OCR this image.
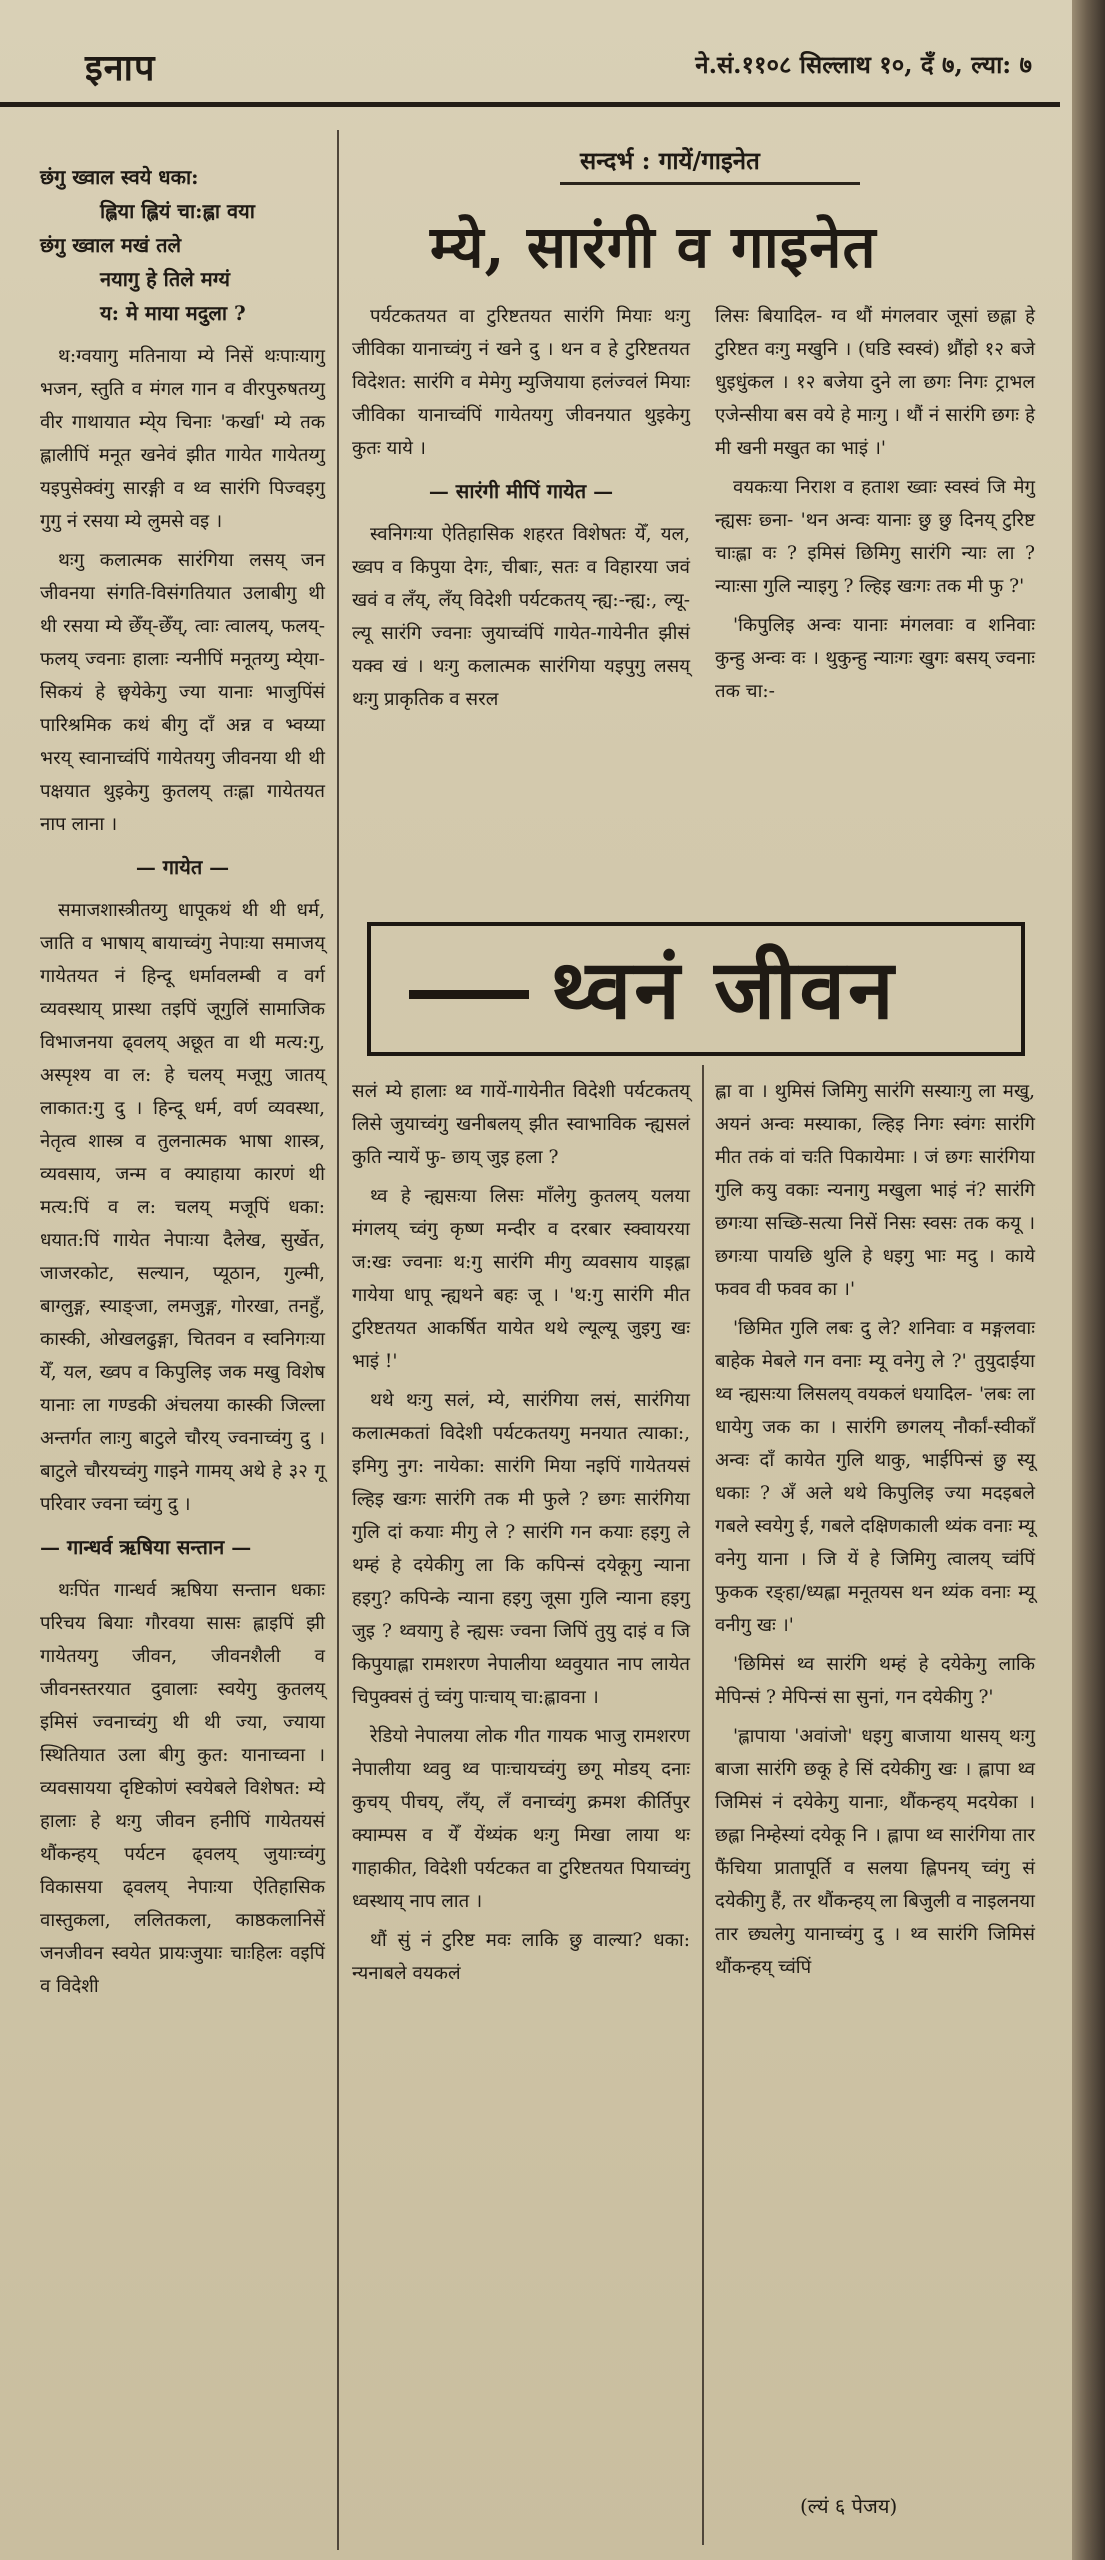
इनाप	ने.सं.११०८ सिल्लाथ १०, दँ ७, ल्या: ७
छंगु ख्वाल स्वये धका:
ह्लिया ह्लियं चा:ह्ला वया
छंगु ख्वाल मखं तले
नयागु हे तिले मग्यं
य: मे माया मदुला ?

थ:ग्वयागु मतिनाया म्ये निसें थःपाःयागु भजन, स्तुति व मंगल गान व वीरपुरुषतय्गु वीर गाथायात म्ये्य चिनाः 'कर्खा' म्ये तक ह्लालीपिं मनूत खनेवं झीत गायेत गायेतय्गु यइपुसेक्वंगु सारङ्गी व थ्व सारंगि पिज्वइगु गुगु नं रसया म्ये लुमसे वइ ।

थःगु कलात्मक सारंगिया लसय् जन जीवनया संगति-विसंगतियात उलाबीगु थी थी रसया म्ये छेँय्-छेँय्, त्वाः त्वालय्, फलय्-फलय् ज्वनाः हालाः न्यनीपिं मनूतय्गु म्ये्या-सिकयं हे छ्वयेकेगु ज्या यानाः भाजुपिंसं पारिश्रमिक कथं बीगु दाँ अन्न व भ्वय्या भरय् स्वानाच्वंपिं गायेतयगु जीवनया थी थी पक्षयात थुइकेगु कुतलय् तःह्ला गायेतयत नाप लाना ।

— गायेत —

समाजशास्त्रीतय्गु धापूकथं थी थी धर्म, जाति व भाषाय् बायाच्वंगु नेपाःया समाजय् गायेतयत नं हिन्दू धर्मावलम्बी व वर्ग व्यवस्थाय् प्रास्था तइपिं जूगुलिं सामाजिक विभाजनया ढ्वलय् अछूत वा थी मत्य:गु, अस्पृश्य वा ल: हे चलय् मजूगु जातय् लाकात:गु दु । हिन्दू धर्म, वर्ण व्यवस्था, नेतृत्व शास्त्र व तुलनात्मक भाषा शास्त्र, व्यवसाय, जन्म व क्याहाया कारणं थी मत्य:पिं व ल: चलय् मजूपिं धका: धयात:पिं गायेत नेपाःया दैलेख, सुर्खेत, जाजरकोट, सल्यान, प्यूठान, गुल्मी, बाग्लुङ्ग, स्याङ्जा, लमजुङ्ग, गोरखा, तनहुँ, कास्की, ओखलढुङ्गा, चितवन व स्वनिगःया येँ, यल, ख्वप व किपुलिइ जक मखु विशेष यानाः ला गण्डकी अंचलया कास्की जिल्ला अन्तर्गत लाःगु बाटुले चौरय् ज्वनाच्वंगु दु । बाटुले चौरयच्वंगु गाइने गामय् अथे हे ३२ गू परिवार ज्वना च्वंगु दु ।

— गान्धर्व ऋषिया सन्तान —

थःपिंत गान्धर्व ऋषिया सन्तान धकाः परिचय बियाः गौरवया सासः ह्लाइपिं झी गायेतयगु जीवन, जीवनशैली व जीवनस्तरयात दुवालाः स्वयेगु कुतलय् इमिसं ज्वनाच्वंगु थी थी ज्या, ज्याया स्थितियात उला बीगु कुत: यानाच्वना । व्यवसायया दृष्टिकोणं स्वयेबले विशेषत: म्ये हालाः हे थःगु जीवन हनीपिं गायेतयसं थौंकन्हय् पर्यटन ढ्वलय् जुयाःच्वंगु विकासया ढ्वलय् नेपाःया ऐतिहासिक वास्तुकला, ललितकला, काष्ठकलानिसें जनजीवन स्वयेत प्रायःजुयाः चाःहिलः वइपिं व विदेशी

सन्दर्भ : गायें/गाइनेत
म्ये, सारंगी व गाइनेत

पर्यटकतयत वा टुरिष्टतयत सारंगि मियाः थःगु जीविका यानाच्वंगु नं खने दु । थन व हे टुरिष्टतयत विदेशत: सारंगि व मेमेगु म्युजियाया हलंज्वलं मियाः जीविका यानाच्वंपिं गायेतयगु जीवनयात थुइकेगु कुतः याये ।

— सारंगी मीपिं गायेत —

स्वनिगःया ऐतिहासिक शहरत विशेषतः येँ, यल, ख्वप व किपुया देगः, चीबाः, सतः व विहारया जवं खवं व लँय्, लँय् विदेशी पर्यटकतय् न्ह्य:-न्ह्य:, ल्यू-ल्यू सारंगि ज्वनाः जुयाच्वंपिं गायेत-गायेनीत झीसं यक्व खं । थःगु कलात्मक सारंगिया यइपुगु लसय् थःगु प्राकृतिक व सरल

लिसः बियादिल- ग्व थौं मंगलवार जूसां छह्ला हे टुरिष्टत वःगु मखुनि । (घडि स्वस्वं) थ्रौंहो १२ बजे धुइधुंकल । १२ बजेया दुने ला छगः निगः ट्राभल एजेन्सीया बस वये हे माःगु । थौं नं सारंगि छगः हे मी खनी मखुत का भाइं ।'

वयकःया निराश व हताश ख्वाः स्वस्वं जि मेगु न्ह्यसः छ्ना- 'थन अन्वः यानाः छु छु दिनय् टुरिष्ट चाःह्ला वः ? इमिसं छिमिगु सारंगि न्याः ला ? न्याःसा गुलि न्याइगु ? ल्हिइ खःगः तक मी फु ?'

'किपुलिइ अन्वः यानाः मंगलवाः व शनिवाः कुन्हु अन्वः वः । थुकुन्हु न्याःगः खुगः बसय् ज्वनाः तक चा:-

थ्वनं जीवन

सलं म्ये हालाः थ्व गायें-गायेनीत विदेशी पर्यटकतय् लिसे जुयाच्वंगु खनीबलय् झीत स्वाभाविक न्ह्यसलं कुति न्यायें फु- छाय् जुइ हला ?

थ्व हे न्ह्यसःया लिसः माँलेगु कुतलय् यलया मंगलय् च्वंगु कृष्ण मन्दीर व दरबार स्क्वायरया ज:खः ज्वनाः थ:गु सारंगि मीगु व्यवसाय याइह्ला गायेया धापू न्ह्यथने बहः जू । 'थ:गु सारंगि मीत टुरिष्टतयत आकर्षित यायेत थथे ल्यूल्यू जुइगु खः भाइं !'

थथे थःगु सलं, म्ये, सारंगिया लसं, सारंगिया कलात्मकतां विदेशी पर्यटकतयगु मनयात त्याका:, इमिगु नुग: नायेका: सारंगि मिया नइपिं गायेतयसं ल्हिइ खःगः सारंगि तक मी फुले ? छगः सारंगिया गुलि दां कयाः मीगु ले ? सारंगि गन कयाः हइगु ले थम्हं हे दयेकीगु ला कि कपिन्सं दयेकूगु न्याना हइगु? कपिन्के न्याना हइगु जूसा गुलि न्याना हइगु जुइ ? थ्वयागु हे न्ह्यसः ज्वना जिपिं तुयु दाइं व जि किपुयाह्ला रामशरण नेपालीया थ्ववुयात नाप लायेत चिपुक्वसं तुं च्वंगु पाःचाय् चा:ह्लावना ।

रेडियो नेपालया लोक गीत गायक भाजु रामशरण नेपालीया थ्ववु थ्व पाःचायच्वंगु छगू मोडय् दनाः कुचय् पीचय्, लँय्, लँ वनाच्वंगु क्रमश कीर्तिपुर क्याम्पस व येँ येंथ्यंक थःगु मिखा लाया थः गाहाकीत, विदेशी पर्यटकत वा टुरिष्टतयत पियाच्वंगु ध्वस्थाय् नाप लात ।

थौं सुं नं टुरिष्ट मवः लाकि छु वाल्या? धका: न्यनाबले वयकलं

ह्ला वा । थुमिसं जिमिगु सारंगि सस्याःगु ला मखु, अयनं अन्वः मस्याका, ल्हिइ निगः स्वंगः सारंगि मीत तकं वां चःति पिकायेमाः । जं छगः सारंगिया गुलि कयु वकाः न्यनागु मखुला भाइं नं? सारंगि छगःया सच्छि-सत्या निसें निसः स्वसः तक कयू । छगःया पायछि थुलि हे धइगु भाः मदु । काये फवव वी फवव का ।'

'छिमित गुलि लबः दु ले? शनिवाः व मङ्गलवाः बाहेक मेबले गन वनाः म्यू वनेगु ले ?' तुयुदाईया थ्व न्ह्यसःया लिसलय् वयकलं धयादिल- 'लबः ला धायेगु जक का । सारंगि छगलय् नौर्कां-स्वीकाँ अन्वः दाँ कायेत गुलि थाकु, भाईपिन्सं छु स्यू धकाः ? अँ अले थथे किपुलिइ ज्या मदइबले गबले स्वयेगु ई, गबले दक्षिणकाली थ्यंक वनाः म्यू वनेगु याना । जि यें हे जिमिगु त्वालय् च्वंपिं फुकक रङ्हा/ध्यह्ला मनूतयस थन थ्यंक वनाः म्यू वनीगु खः ।'

'छिमिसं थ्व सारंगि थम्हं हे दयेकेगु लाकि मेपिन्सं ? मेपिन्सं सा सुनां, गन दयेकीगु ?'

'ह्लापाया 'अवांजो' धइगु बाजाया थासय् थःगु बाजा सारंगि छकू हे सिं दयेकीगु खः । ह्लापा थ्व जिमिसं नं दयेकेगु यानाः, थौंकन्हय् मदयेका । छह्ला निम्हेस्यां दयेकू नि । ह्लापा थ्व सारंगिया तार फैंचिया प्रातापूर्ति व सलया ह्लिपनय् च्वंगु सं दयेकीगु हैं, तर थौंकन्हय् ला बिजुली व नाइलनया तार छ्यलेगु यानाच्वंगु दु । थ्व सारंगि जिमिसं थौंकन्हय् च्वंपिं

(ल्यं ६ पेजय)
